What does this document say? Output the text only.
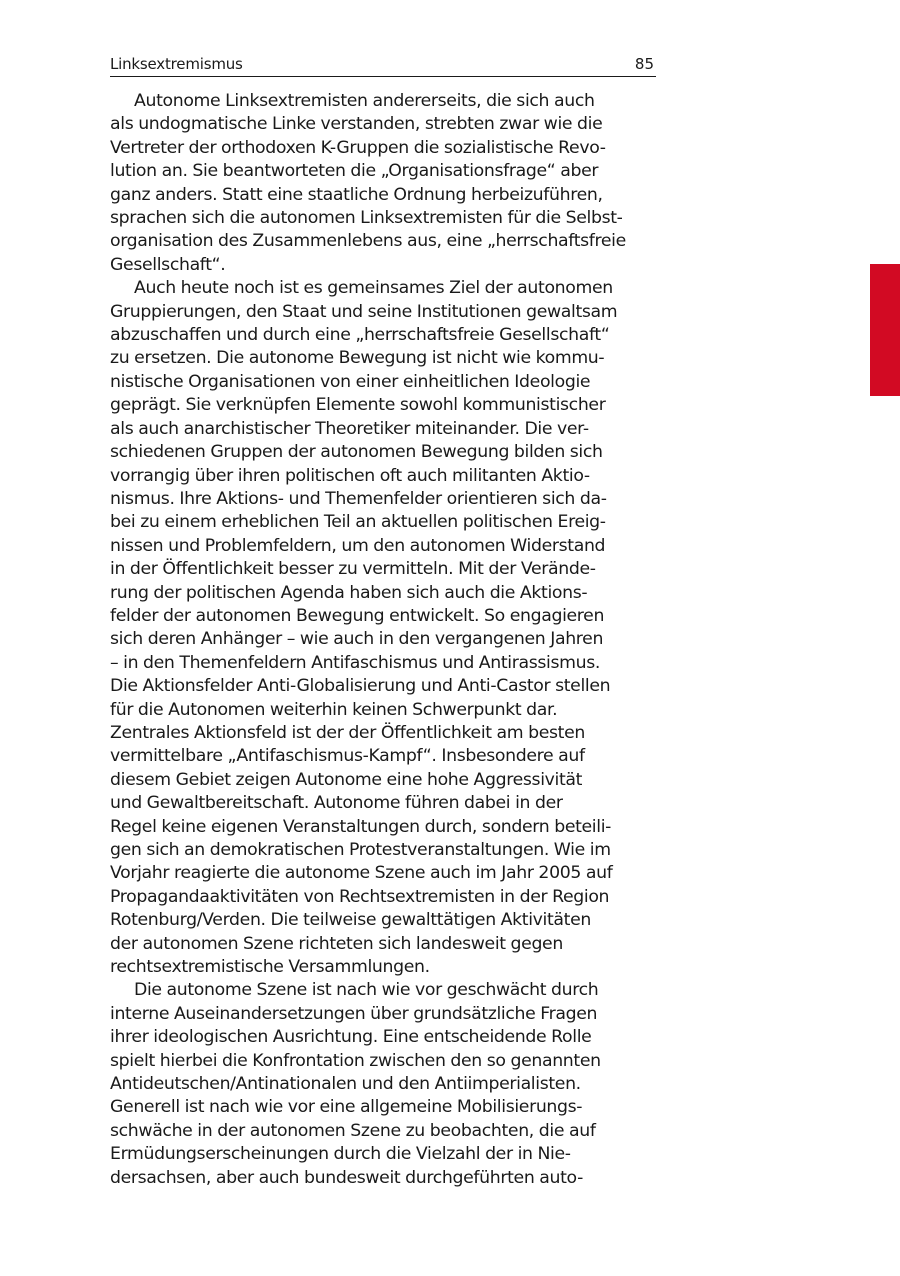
Linksextremismus	85
Autonome Linksextremisten andererseits, die sich auch
als undogmatische Linke verstanden, strebten zwar wie die
Vertreter der orthodoxen K-Gruppen die sozialistische Revo-
lution an. Sie beantworteten die „Organisationsfrage“ aber
ganz anders. Statt eine staatliche Ordnung herbeizuführen,
sprachen sich die autonomen Linksextremisten für die Selbst-
organisation des Zusammenlebens aus, eine „herrschaftsfreie
Gesellschaft“.
Auch heute noch ist es gemeinsames Ziel der autonomen
Gruppierungen, den Staat und seine Institutionen gewaltsam
abzuschaffen und durch eine „herrschaftsfreie Gesellschaft“
zu ersetzen. Die autonome Bewegung ist nicht wie kommu-
nistische Organisationen von einer einheitlichen Ideologie
geprägt. Sie verknüpfen Elemente sowohl kommunistischer
als auch anarchistischer Theoretiker miteinander. Die ver-
schiedenen Gruppen der autonomen Bewegung bilden sich
vorrangig über ihren politischen oft auch militanten Aktio-
nismus. Ihre Aktions- und Themenfelder orientieren sich da-
bei zu einem erheblichen Teil an aktuellen politischen Ereig-
nissen und Problemfeldern, um den autonomen Widerstand
in der Öffentlichkeit besser zu vermitteln. Mit der Verände-
rung der politischen Agenda haben sich auch die Aktions-
felder der autonomen Bewegung entwickelt. So engagieren
sich deren Anhänger – wie auch in den vergangenen Jahren
– in den Themenfeldern Antifaschismus und Antirassismus.
Die Aktionsfelder Anti-Globalisierung und Anti-Castor stellen
für die Autonomen weiterhin keinen Schwerpunkt dar.
Zentrales Aktionsfeld ist der der Öffentlichkeit am besten
vermittelbare „Antifaschismus-Kampf“. Insbesondere auf
diesem Gebiet zeigen Autonome eine hohe Aggressivität
und Gewaltbereitschaft. Autonome führen dabei in der
Regel keine eigenen Veranstaltungen durch, sondern beteili-
gen sich an demokratischen Protestveranstaltungen. Wie im
Vorjahr reagierte die autonome Szene auch im Jahr 2005 auf
Propagandaaktivitäten von Rechtsextremisten in der Region
Rotenburg/Verden. Die teilweise gewalttätigen Aktivitäten
der autonomen Szene richteten sich landesweit gegen
rechtsextremistische Versammlungen.
Die autonome Szene ist nach wie vor geschwächt durch
interne Auseinandersetzungen über grundsätzliche Fragen
ihrer ideologischen Ausrichtung. Eine entscheidende Rolle
spielt hierbei die Konfrontation zwischen den so genannten
Antideutschen/Antinationalen und den Antiimperialisten.
Generell ist nach wie vor eine allgemeine Mobilisierungs-
schwäche in der autonomen Szene zu beobachten, die auf
Ermüdungserscheinungen durch die Vielzahl der in Nie-
dersachsen, aber auch bundesweit durchgeführten auto-
